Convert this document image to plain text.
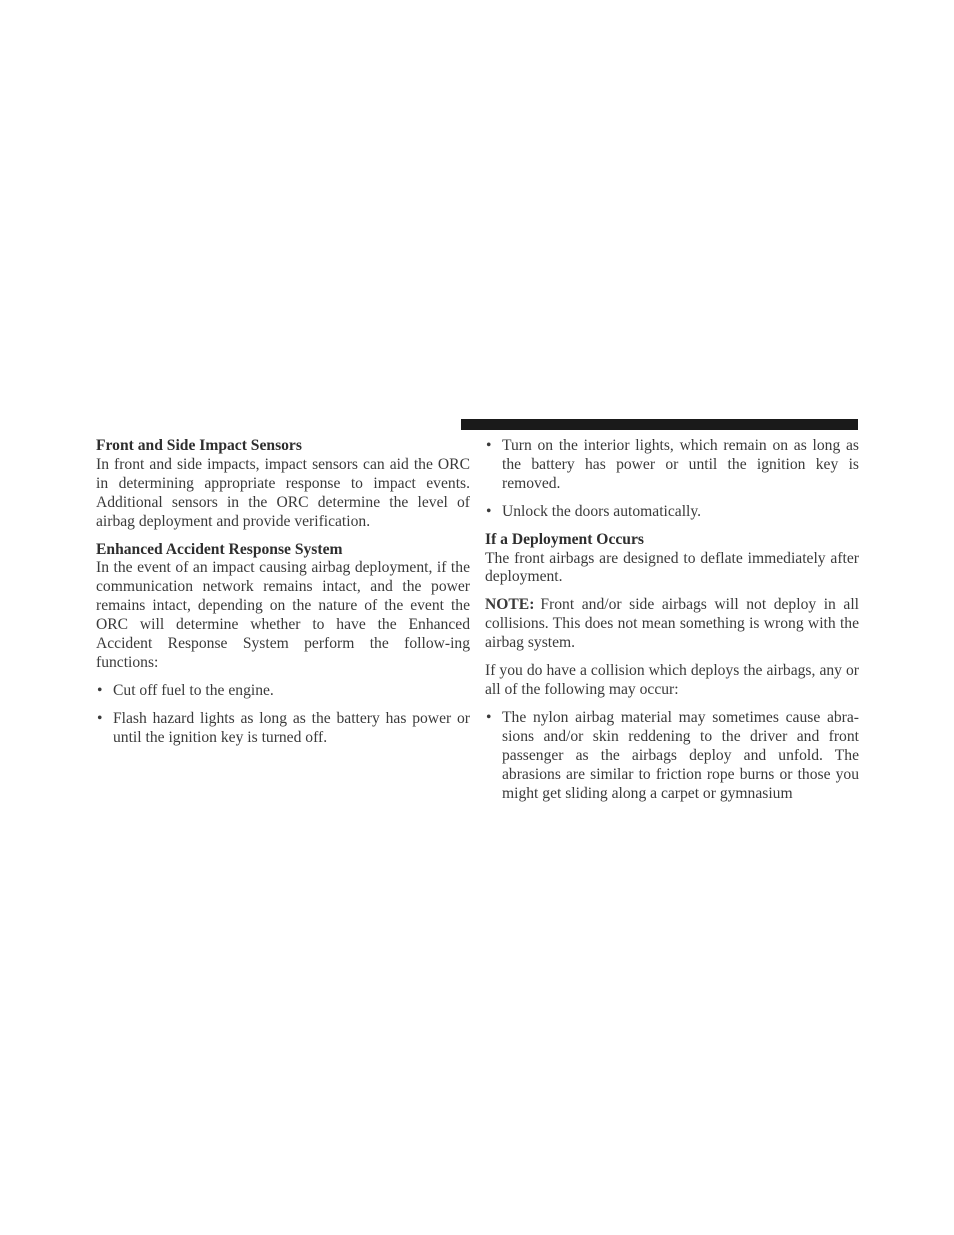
Front and Side Impact Sensors

In front and side impacts, impact sensors can aid the ORC in determining appropriate response to impact events. Additional sensors in the ORC determine the level of airbag deployment and provide verification.

Enhanced Accident Response System

In the event of an impact causing airbag deployment, if the communication network remains intact, and the power remains intact, depending on the nature of the event the ORC will determine whether to have the Enhanced Accident Response System perform the follow-ing functions:

• Cut off fuel to the engine.
• Flash hazard lights as long as the battery has power or until the ignition key is turned off.
• Turn on the interior lights, which remain on as long as the battery has power or until the ignition key is removed.
• Unlock the doors automatically.
If a Deployment Occurs

The front airbags are designed to deflate immediately after deployment.

NOTE: Front and/or side airbags will not deploy in all collisions. This does not mean something is wrong with the airbag system.

If you do have a collision which deploys the airbags, any or all of the following may occur:

• The nylon airbag material may sometimes cause abra-sions and/or skin reddening to the driver and front passenger as the airbags deploy and unfold. The abrasions are similar to friction rope burns or those you might get sliding along a carpet or gymnasium
